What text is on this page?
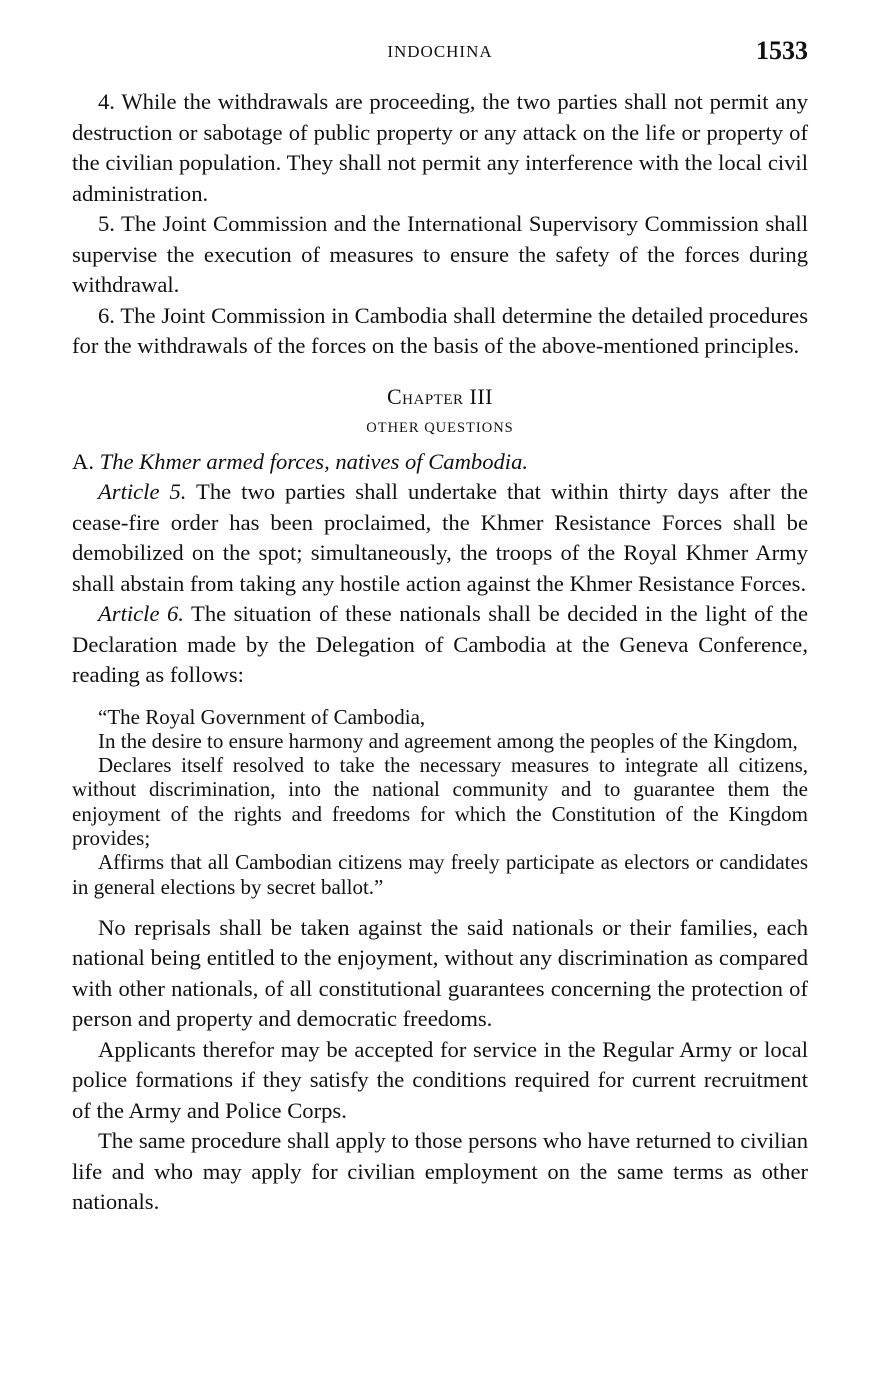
INDOCHINA	1533

4. While the withdrawals are proceeding, the two parties shall not permit any destruction or sabotage of public property or any attack on the life or property of the civilian population. They shall not permit any interference with the local civil administration.

5. The Joint Commission and the International Supervisory Commission shall supervise the execution of measures to ensure the safety of the forces during withdrawal.

6. The Joint Commission in Cambodia shall determine the detailed procedures for the withdrawals of the forces on the basis of the above-mentioned principles.

Chapter III
OTHER QUESTIONS

A. The Khmer armed forces, natives of Cambodia.

Article 5. The two parties shall undertake that within thirty days after the cease-fire order has been proclaimed, the Khmer Resistance Forces shall be demobilized on the spot; simultaneously, the troops of the Royal Khmer Army shall abstain from taking any hostile action against the Khmer Resistance Forces.

Article 6. The situation of these nationals shall be decided in the light of the Declaration made by the Delegation of Cambodia at the Geneva Conference, reading as follows:

“The Royal Government of Cambodia,

In the desire to ensure harmony and agreement among the peoples of the Kingdom,

Declares itself resolved to take the necessary measures to integrate all citizens, without discrimination, into the national community and to guarantee them the enjoyment of the rights and freedoms for which the Constitution of the Kingdom provides;

Affirms that all Cambodian citizens may freely participate as electors or candidates in general elections by secret ballot.”

No reprisals shall be taken against the said nationals or their families, each national being entitled to the enjoyment, without any discrimination as compared with other nationals, of all constitutional guarantees concerning the protection of person and property and democratic freedoms.

Applicants therefor may be accepted for service in the Regular Army or local police formations if they satisfy the conditions required for current recruitment of the Army and Police Corps.

The same procedure shall apply to those persons who have returned to civilian life and who may apply for civilian employment on the same terms as other nationals.
